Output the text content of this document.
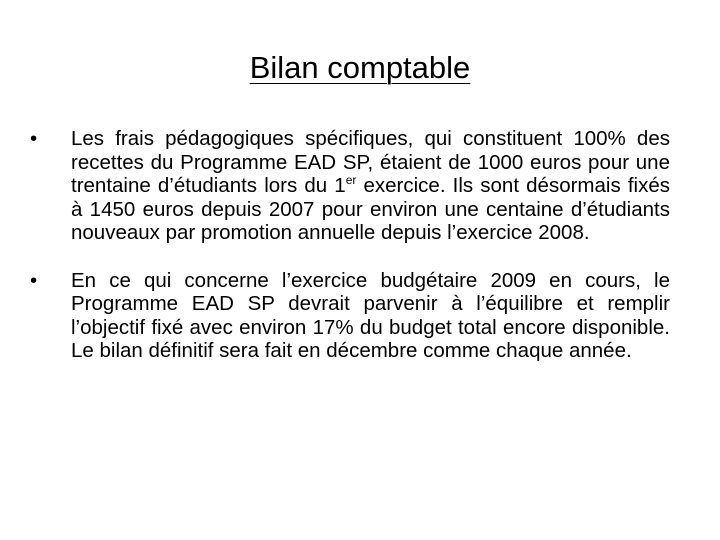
Bilan comptable
•	Les frais pédagogiques spécifiques, qui constituent 100% des recettes du Programme EAD SP, étaient de 1000 euros pour une trentaine d’étudiants lors du 1er exercice. Ils sont désormais fixés à 1450 euros depuis 2007 pour environ une centaine d’étudiants nouveaux par promotion annuelle depuis l’exercice 2008.
•	En ce qui concerne l’exercice budgétaire 2009 en cours, le Programme EAD SP devrait parvenir à l’équilibre et remplir l’objectif fixé avec environ 17% du budget total encore disponible. Le bilan définitif sera fait en décembre comme chaque année.
